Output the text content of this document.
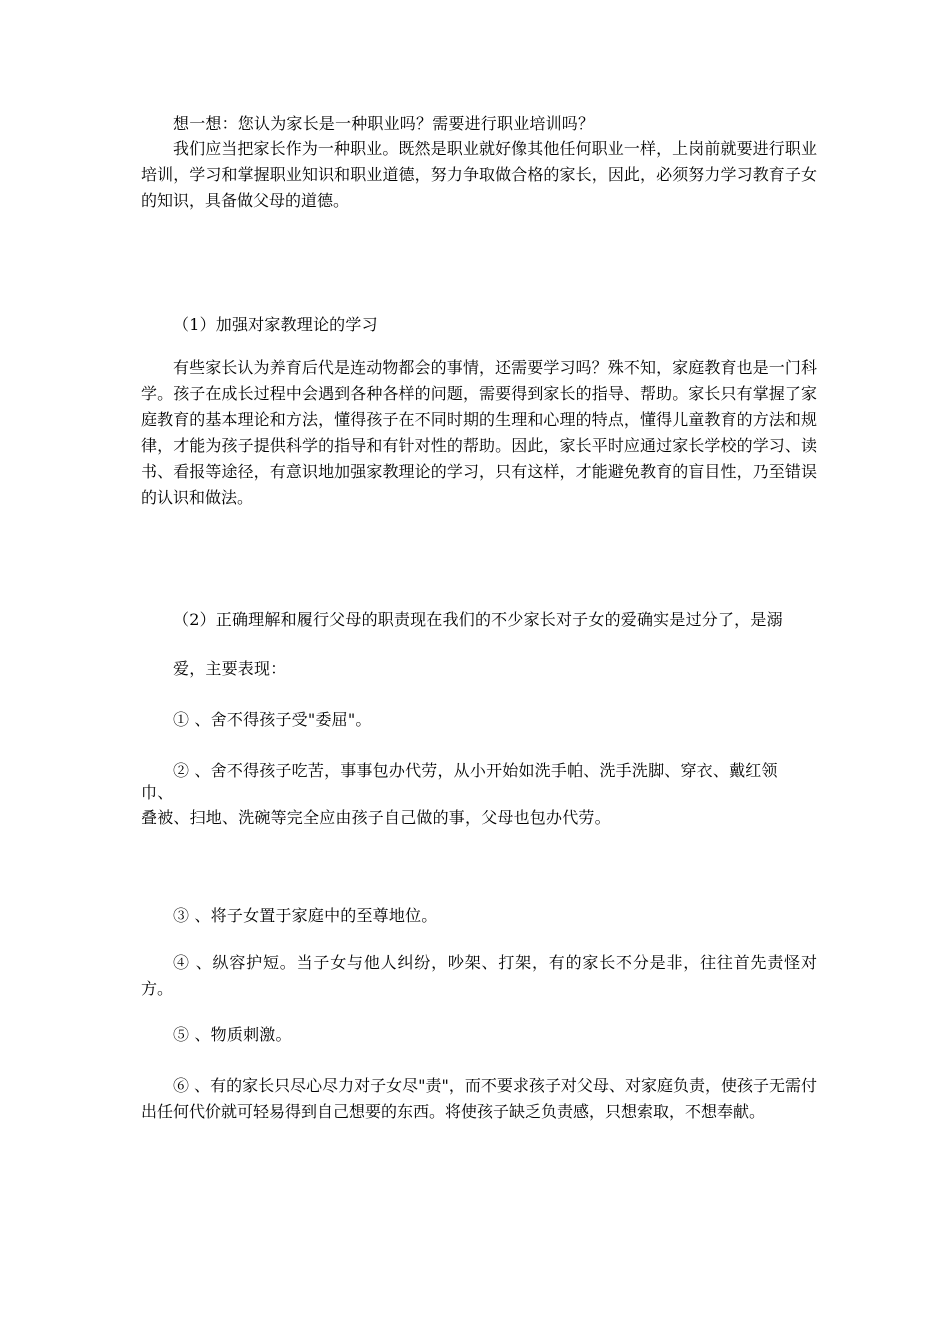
想一想：您认为家长是一种职业吗？需要进行职业培训吗？
我们应当把家长作为一种职业。既然是职业就好像其他任何职业一样，上岗前就要进行职业培训，学习和掌握职业知识和职业道德，努力争取做合格的家长，因此，必须努力学习教育子女的知识，具备做父母的道德。
（1）加强对家教理论的学习
有些家长认为养育后代是连动物都会的事情，还需要学习吗？殊不知，家庭教育也是一门科学。孩子在成长过程中会遇到各种各样的问题，需要得到家长的指导、帮助。家长只有掌握了家庭教育的基本理论和方法，懂得孩子在不同时期的生理和心理的特点，懂得儿童教育的方法和规律，才能为孩子提供科学的指导和有针对性的帮助。因此，家长平时应通过家长学校的学习、读书、看报等途径，有意识地加强家教理论的学习，只有这样，才能避免教育的盲目性，乃至错误的认识和做法。
（2）正确理解和履行父母的职责现在我们的不少家长对子女的爱确实是过分了，是溺
爱，主要表现：
① 、舍不得孩子受"委屈"。
② 、舍不得孩子吃苦，事事包办代劳，从小开始如洗手帕、洗手洗脚、穿衣、戴红领
巾、
叠被、扫地、洗碗等完全应由孩子自己做的事，父母也包办代劳。
③ 、将子女置于家庭中的至尊地位。
④ 、纵容护短。当子女与他人纠纷，吵架、打架，有的家长不分是非，往往首先责怪对方。
⑤ 、物质刺激。
⑥ 、有的家长只尽心尽力对子女尽"责"，而不要求孩子对父母、对家庭负责，使孩子无需付出任何代价就可轻易得到自己想要的东西。将使孩子缺乏负责感，只想索取，不想奉献。
